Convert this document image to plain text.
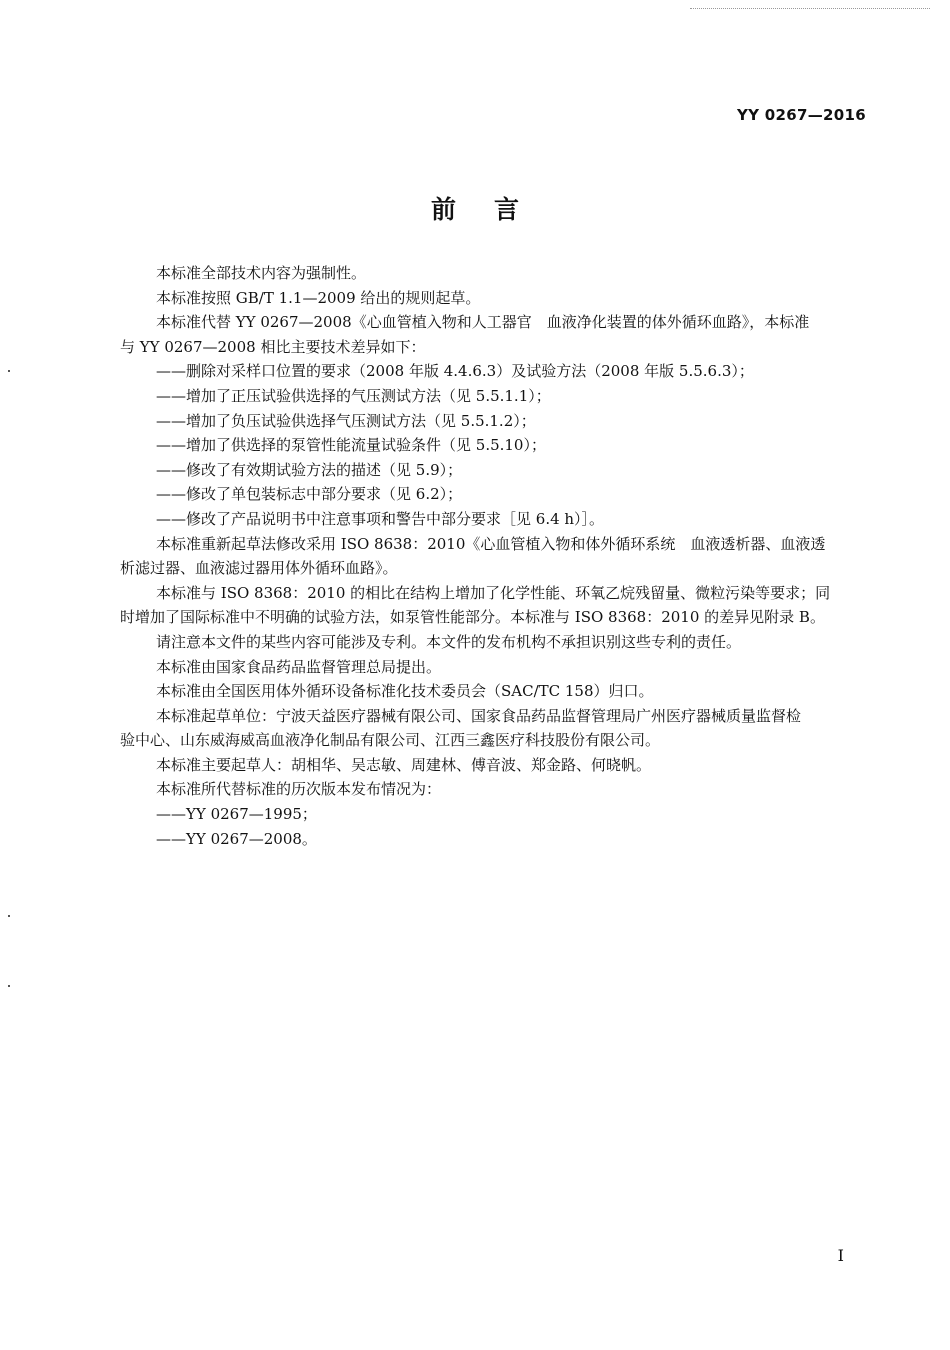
YY 0267—2016
前言
本标准全部技术内容为强制性。
本标准按照 GB/T 1.1—2009 给出的规则起草。
本标准代替 YY 0267—2008《心血管植入物和人工器官　血液净化装置的体外循环血路》，本标准
与 YY 0267—2008 相比主要技术差异如下：
——删除对采样口位置的要求（2008 年版 4.4.6.3）及试验方法（2008 年版 5.5.6.3）；
——增加了正压试验供选择的气压测试方法（见 5.5.1.1）；
——增加了负压试验供选择气压测试方法（见 5.5.1.2）；
——增加了供选择的泵管性能流量试验条件（见 5.5.10）；
——修改了有效期试验方法的描述（见 5.9）；
——修改了单包装标志中部分要求（见 6.2）；
——修改了产品说明书中注意事项和警告中部分要求［见 6.4 h）］。
本标准重新起草法修改采用 ISO 8638：2010《心血管植入物和体外循环系统　血液透析器、血液透
析滤过器、血液滤过器用体外循环血路》。
本标准与 ISO 8368：2010 的相比在结构上增加了化学性能、环氧乙烷残留量、微粒污染等要求；同
时增加了国际标准中不明确的试验方法，如泵管性能部分。本标准与 ISO 8368：2010 的差异见附录 B。
请注意本文件的某些内容可能涉及专利。本文件的发布机构不承担识别这些专利的责任。
本标准由国家食品药品监督管理总局提出。
本标准由全国医用体外循环设备标准化技术委员会（SAC/TC 158）归口。
本标准起草单位：宁波天益医疗器械有限公司、国家食品药品监督管理局广州医疗器械质量监督检
验中心、山东威海威高血液净化制品有限公司、江西三鑫医疗科技股份有限公司。
本标准主要起草人：胡相华、吴志敏、周建林、傅音波、郑金路、何晓帆。
本标准所代替标准的历次版本发布情况为：
——YY 0267—1995；
——YY 0267—2008。
I
